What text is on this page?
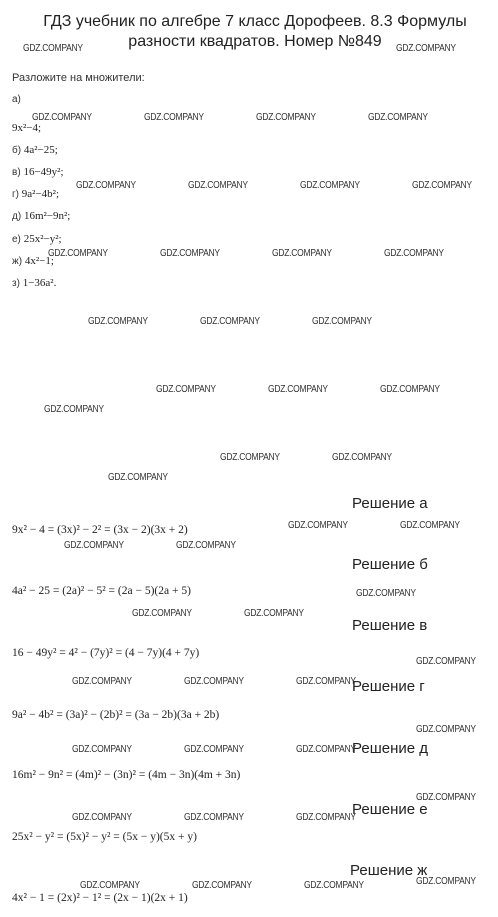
ГДЗ учебник по алгебре 7 класс Дорофеев. 8.3 Формулы разности квадратов. Номер №849
Разложите на множители:
а)
9x²−4;
б) 4a²−25;
в) 16−49y²;
г) 9a²−4b²;
д) 16m²−9n²;
е) 25x²−y²;
ж) 4x²−1;
з) 1−36a².
Решение а
9x² − 4 = (3x)² − 2² = (3x − 2)(3x + 2)
Решение б
4a² − 25 = (2a)² − 5² = (2a − 5)(2a + 5)
Решение в
16 − 49y² = 4² − (7y)² = (4 − 7y)(4 + 7y)
Решение г
9a² − 4b² = (3a)² − (2b)² = (3a − 2b)(3a + 2b)
Решение д
16m² − 9n² = (4m)² − (3n)² = (4m − 3n)(4m + 3n)
Решение е
25x² − y² = (5x)² − y² = (5x − y)(5x + y)
Решение ж
4x² − 1 = (2x)² − 1² = (2x − 1)(2x + 1)
GDZ.COMPANY	GDZ.COMPANY
GDZ.COMPANY	GDZ.COMPANY	GDZ.COMPANY	GDZ.COMPANY
GDZ.COMPANY	GDZ.COMPANY	GDZ.COMPANY	GDZ.COMPANY
GDZ.COMPANY	GDZ.COMPANY	GDZ.COMPANY	GDZ.COMPANY
GDZ.COMPANY	GDZ.COMPANY	GDZ.COMPANY
GDZ.COMPANY	GDZ.COMPANY	GDZ.COMPANY
GDZ.COMPANY
GDZ.COMPANY	GDZ.COMPANY
GDZ.COMPANY
GDZ.COMPANY	GDZ.COMPANY
GDZ.COMPANY	GDZ.COMPANY
GDZ.COMPANY
GDZ.COMPANY	GDZ.COMPANY
GDZ.COMPANY
GDZ.COMPANY	GDZ.COMPANY	GDZ.COMPANY
GDZ.COMPANY
GDZ.COMPANY	GDZ.COMPANY	GDZ.COMPANY
GDZ.COMPANY
GDZ.COMPANY	GDZ.COMPANY	GDZ.COMPANY
GDZ.COMPANY
GDZ.COMPANY	GDZ.COMPANY	GDZ.COMPANY
